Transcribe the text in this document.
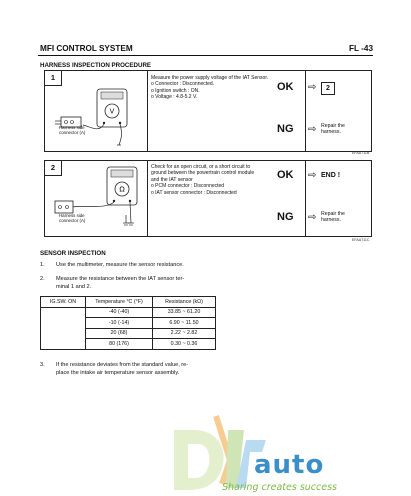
MFI CONTROL SYSTEM	FL -43
HARNESS INSPECTION PROCEDURE
1
V
Harness side
connector (A)
Measure the power supply voltage of the IAT Sensor.
o Connector : Disconnected.
o Ignition switch : ON.
o Voltage : 4.8-5.2 V.
OK ⇨	2
NG ⇨ Repair the
harness.
EFAA711B
2
Ω
Harness side
connector (A)
Check for an open circuit, or a short circuit to
ground between the powertrain control module
and the IAT sensor
o PCM connector : Disconnected
o IAT sensor connector : Disconnected
OK ⇨ END !
NG ⇨ Repair the
harness.
EFAA711C
SENSOR INSPECTION
1. Use the multimeter, measure the sensor resistance.
2. Measure the resistance between the IAT sensor ter-
minal 1 and 2.
IG.SW. ON	Temperature °C (°F)	Resistance (kΩ)
	-40 (-40)	33.85 ~ 61.20
	-10 (-14)	6.90 ~ 11.50
	20 (68)	2.22 ~ 2.82
	80 (176)	0.30 ~ 0.36
3. If the resistance deviates from the standard value, re-
place the intake air temperature sensor assembly.
auto
Sharing creates success
